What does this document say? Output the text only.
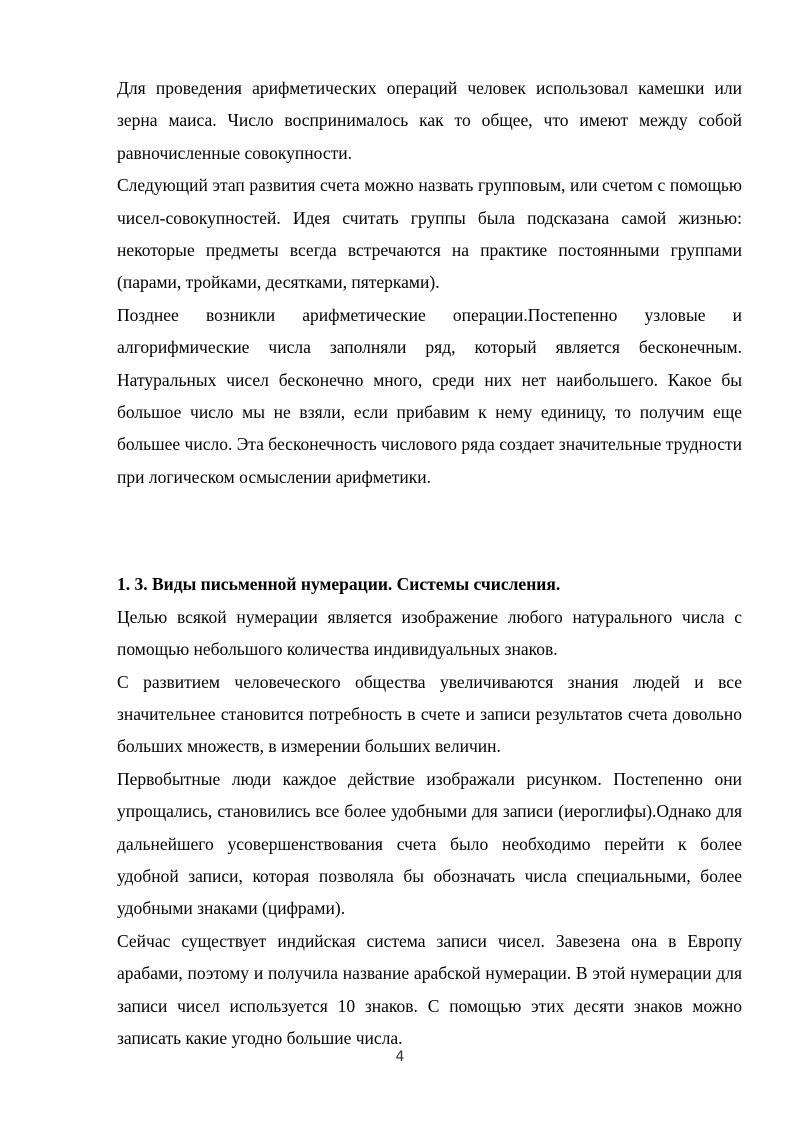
Для проведения арифметических операций человек использовал камешки или зерна маиса. Число воспринималось как то общее, что имеют между собой равночисленные совокупности.

Следующий этап развития счета можно назвать групповым, или счетом с помощью чисел-совокупностей. Идея считать группы была подсказана самой жизнью: некоторые предметы всегда встречаются на практике постоянными группами (парами, тройками, десятками, пятерками).

Позднее возникли арифметические операции.Постепенно узловые и алгорифмические числа заполняли ряд, который является бесконечным. Натуральных чисел бесконечно много, среди них нет наибольшего. Какое бы большое число мы не взяли, если прибавим к нему единицу, то получим еще большее число. Эта бесконечность числового ряда создает значительные трудности при логическом осмыслении арифметики.

1. 3. Виды письменной нумерации. Системы счисления.

Целью всякой нумерации является изображение любого натурального числа с помощью небольшого количества индивидуальных знаков.

С развитием человеческого общества увеличиваются знания людей и все значительнее становится потребность в счете и записи результатов счета довольно больших множеств, в измерении больших величин.

Первобытные люди каждое действие изображали рисунком. Постепенно они упрощались, становились все более удобными для записи (иероглифы).Однако для дальнейшего усовершенствования счета было необходимо перейти к более удобной записи, которая позволяла бы обозначать числа специальными, более удобными знаками (цифрами).

Сейчас существует индийская система записи чисел. Завезена она в Европу арабами, поэтому и получила название арабской нумерации. В этой нумерации для записи чисел используется 10 знаков. С помощью этих десяти знаков можно записать какие угодно большие числа.

4
